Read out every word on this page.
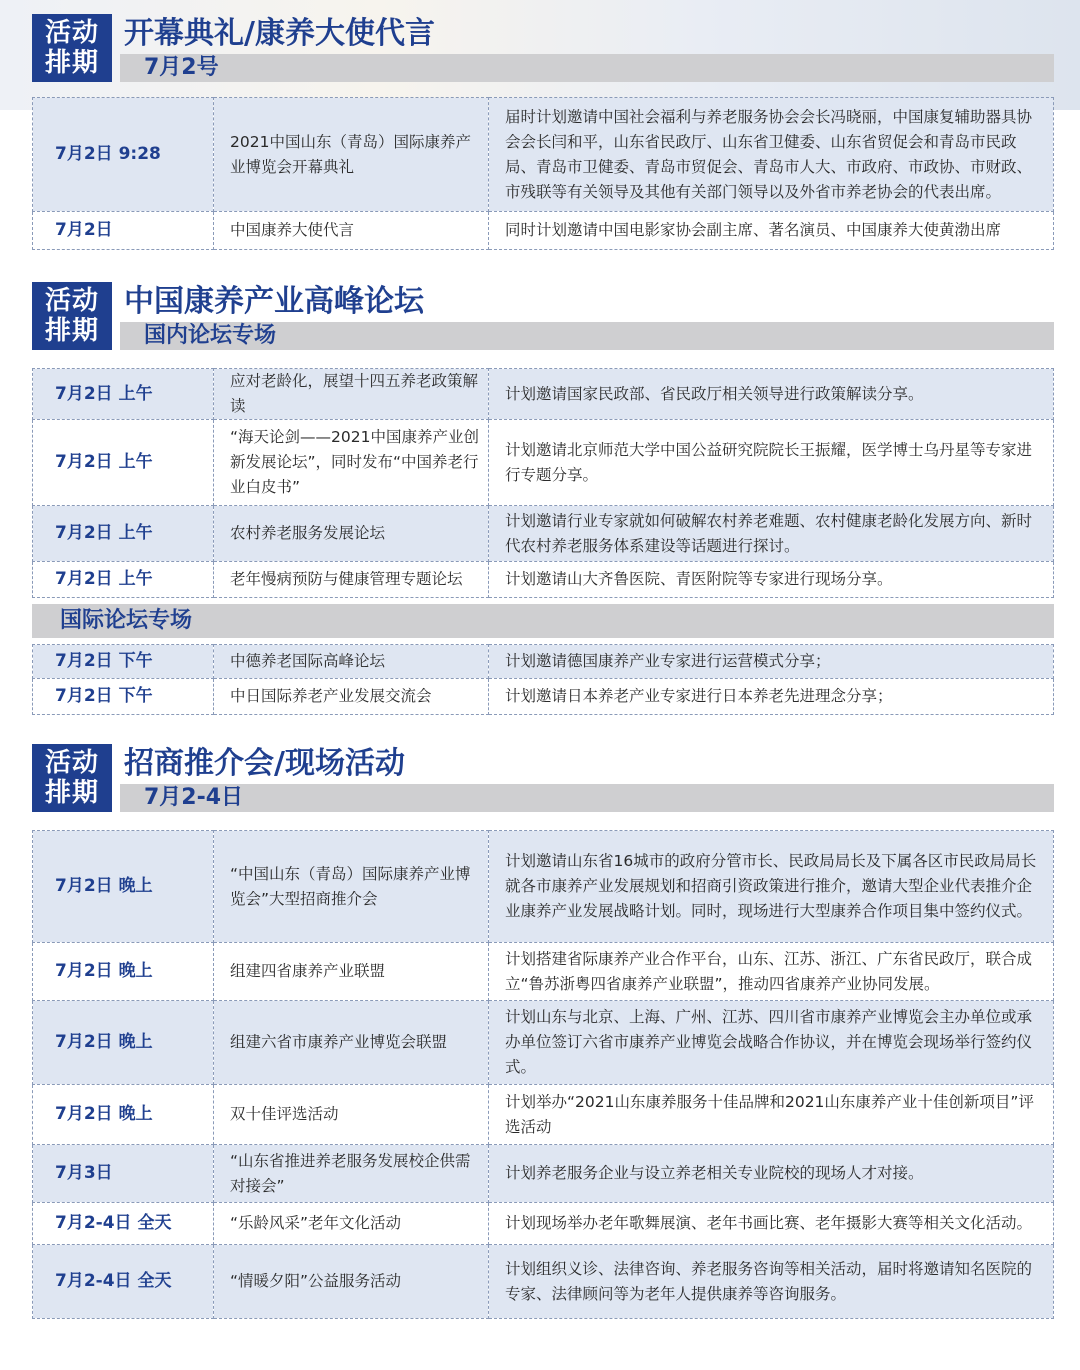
活动
排期
开幕典礼/康养大使代言
7月2号
7月2日 9:28	2021中国山东（青岛）国际康养产业博览会开幕典礼	届时计划邀请中国社会福利与养老服务协会会长冯晓丽，中国康复辅助器具协会会长闫和平，山东省民政厅、山东省卫健委、山东省贸促会和青岛市民政局、青岛市卫健委、青岛市贸促会、青岛市人大、市政府、市政协、市财政、市残联等有关领导及其他有关部门领导以及外省市养老协会的代表出席。
7月2日	中国康养大使代言	同时计划邀请中国电影家协会副主席、著名演员、中国康养大使黄渤出席
活动
排期
中国康养产业高峰论坛
国内论坛专场
7月2日 上午	应对老龄化，展望十四五养老政策解读	计划邀请国家民政部、省民政厅相关领导进行政策解读分享。
7月2日 上午	“海天论剑——2021中国康养产业创新发展论坛”，同时发布“中国养老行业白皮书”	计划邀请北京师范大学中国公益研究院院长王振耀，医学博士乌丹星等专家进行专题分享。
7月2日 上午	农村养老服务发展论坛	计划邀请行业专家就如何破解农村养老难题、农村健康老龄化发展方向、新时代农村养老服务体系建设等话题进行探讨。
7月2日 上午	老年慢病预防与健康管理专题论坛	计划邀请山大齐鲁医院、青医附院等专家进行现场分享。
国际论坛专场
7月2日 下午	中德养老国际高峰论坛	计划邀请德国康养产业专家进行运营模式分享；
7月2日 下午	中日国际养老产业发展交流会	计划邀请日本养老产业专家进行日本养老先进理念分享；
活动
排期
招商推介会/现场活动
7月2-4日
7月2日 晚上	“中国山东（青岛）国际康养产业博览会”大型招商推介会	计划邀请山东省16城市的政府分管市长、民政局局长及下属各区市民政局局长就各市康养产业发展规划和招商引资政策进行推介，邀请大型企业代表推介企业康养产业发展战略计划。同时，现场进行大型康养合作项目集中签约仪式。
7月2日 晚上	组建四省康养产业联盟	计划搭建省际康养产业合作平台，山东、江苏、浙江、广东省民政厅，联合成立“鲁苏浙粤四省康养产业联盟”，推动四省康养产业协同发展。
7月2日 晚上	组建六省市康养产业博览会联盟	计划山东与北京、上海、广州、江苏、四川省市康养产业博览会主办单位或承办单位签订六省市康养产业博览会战略合作协议，并在博览会现场举行签约仪式。
7月2日 晚上	双十佳评选活动	计划举办“2021山东康养服务十佳品牌和2021山东康养产业十佳创新项目”评选活动
7月3日	“山东省推进养老服务发展校企供需对接会”	计划养老服务企业与设立养老相关专业院校的现场人才对接。
7月2-4日 全天	“乐龄风采”老年文化活动	计划现场举办老年歌舞展演、老年书画比赛、老年摄影大赛等相关文化活动。
7月2-4日 全天	“情暖夕阳”公益服务活动	计划组织义诊、法律咨询、养老服务咨询等相关活动，届时将邀请知名医院的专家、法律顾问等为老年人提供康养等咨询服务。
